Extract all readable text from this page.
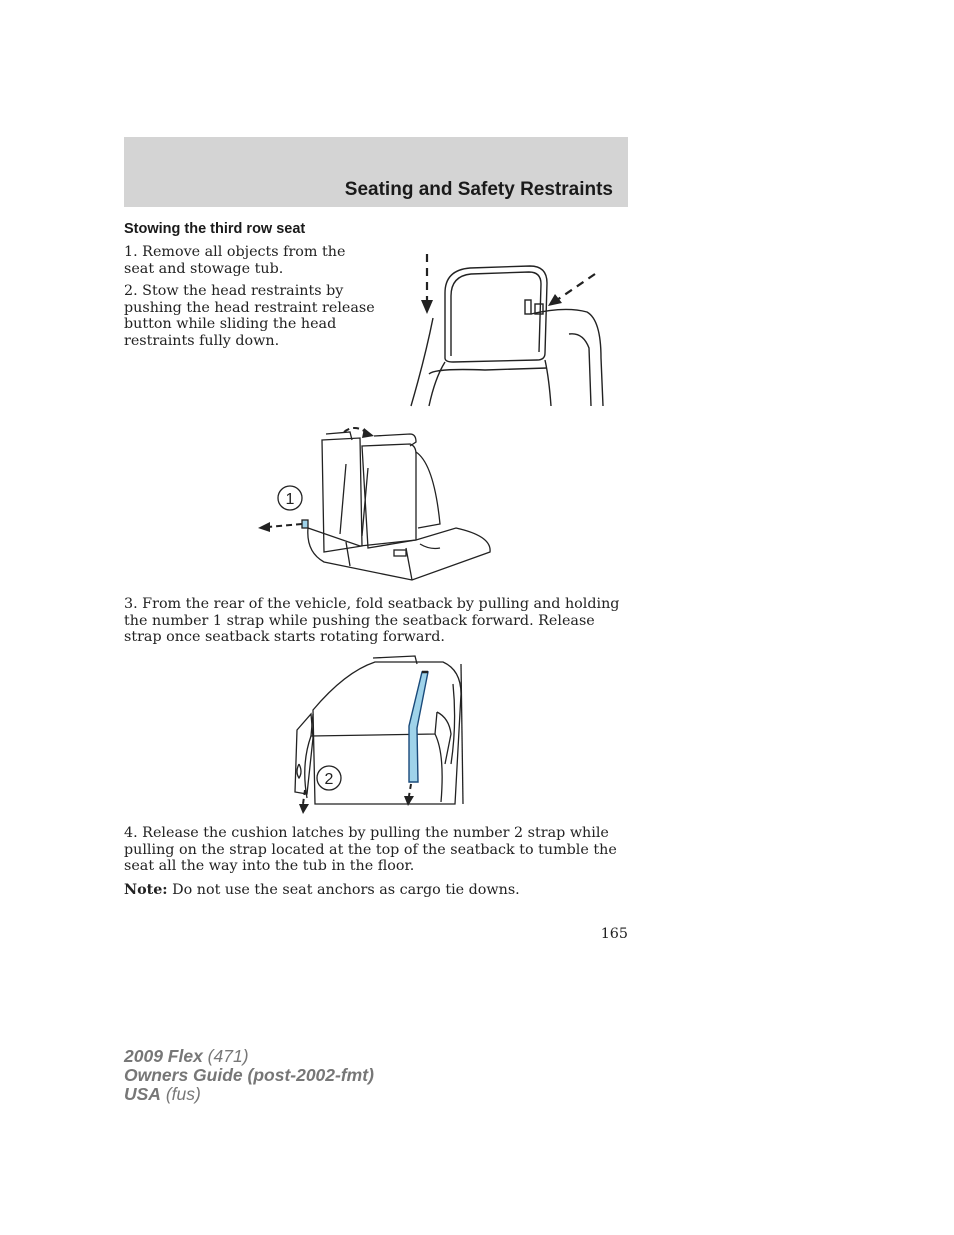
Seating and Safety Restraints
Stowing the third row seat

1. Remove all objects from the seat and stowage tub.

2. Stow the head restraints by pushing the head restraint release button while sliding the head restraints fully down.

1

3. From the rear of the vehicle, fold seatback by pulling and holding the number 1 strap while pushing the seatback forward. Release strap once seatback starts rotating forward.

2

4. Release the cushion latches by pulling the number 2 strap while pulling on the strap located at the top of the seatback to tumble the seat all the way into the tub in the floor.

Note: Do not use the seat anchors as cargo tie downs.

165
2009 Flex (471)
Owners Guide (post-2002-fmt)
USA (fus)
